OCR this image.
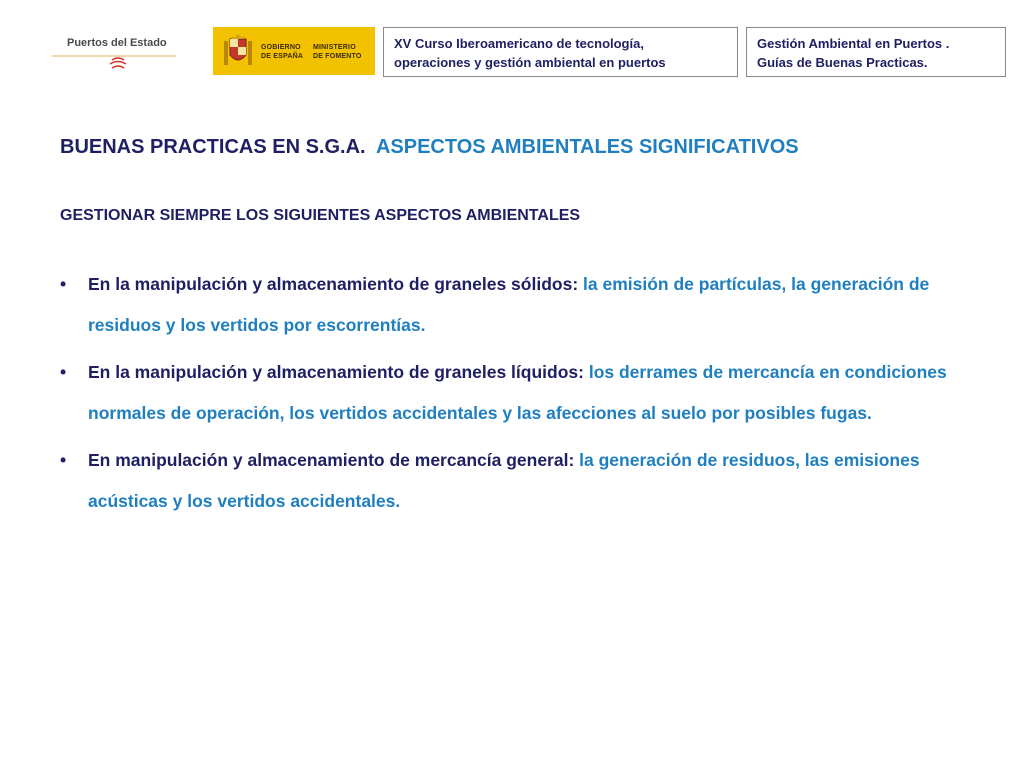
Puertos del Estado	GOBIERNO
DE ESPAÑA
MINISTERIO
DE FOMENTO
XV Curso Iberoamericano de tecnología,
operaciones y gestión ambiental en puertos
Gestión Ambiental en Puertos .
Guías de Buenas Practicas.
BUENAS PRACTICAS EN S.G.A. ASPECTOS AMBIENTALES SIGNIFICATIVOS
GESTIONAR SIEMPRE LOS SIGUIENTES ASPECTOS AMBIENTALES
• En la manipulación y almacenamiento de graneles sólidos: la emisión de partículas, la generación de residuos y los vertidos por escorrentías.
• En la manipulación y almacenamiento de graneles líquidos: los derrames de mercancía en condiciones normales de operación, los vertidos accidentales y las afecciones al suelo por posibles fugas.
• En manipulación y almacenamiento de mercancía general: la generación de residuos, las emisiones acústicas y los vertidos accidentales.
